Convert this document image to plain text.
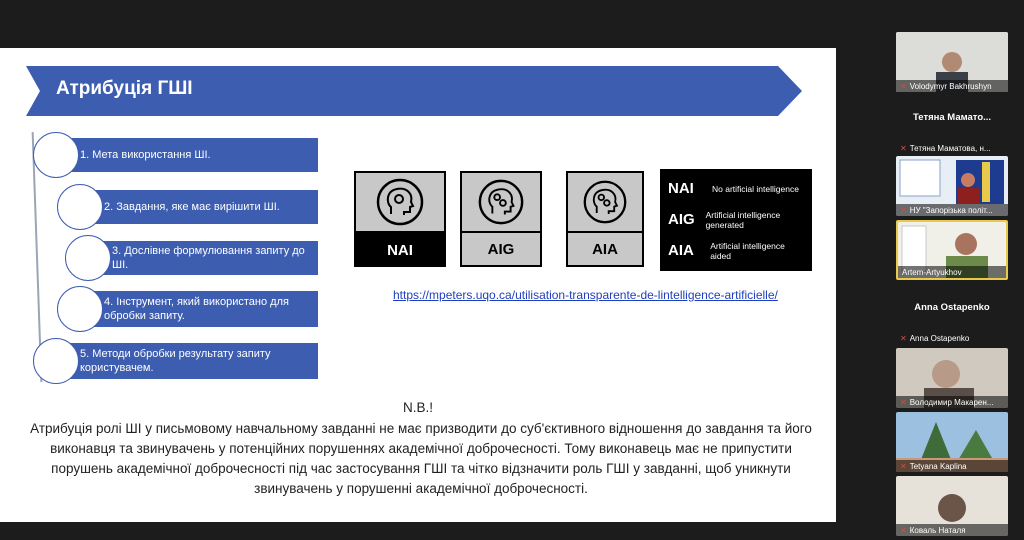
Атрибуція ГШІ
1. Мета використання ШІ.
2. Завдання, яке має вирішити ШІ.
3. Дослівне формулювання запиту до ШІ.
4. Інструмент, який використано для обробки запиту.
5. Методи обробки результату запиту користувачем.
NAI	AIG	AIA
NAI	No artificial intelligence
AIG	Artificial intelligence generated
AIA	Artificial intelligence aided
https://mpeters.uqo.ca/utilisation-transparente-de-lintelligence-artificielle/
N.B.!
Атрибуція ролі ШІ у письмовому навчальному завданні не має призводити до суб'єктивного відношення до завдання та його виконавця та звинувачень у потенційних порушеннях академічної доброчесності. Тому виконавець має не припустити порушень академічної доброчесності під час застосування ГШІ та чітко відзначити роль ГШІ у завданні, щоб уникнути звинувачень у порушенні академічної доброчесності.
✕ Volodymyr Bakhrushyn
Тетяна Мамато...
✕ Тетяна Маматова, н...
✕ НУ "Запорізька політ...
Artem-Artyukhov
Anna Ostapenko
✕ Anna Ostapenko
✕ Володимир Макарен...
✕ Tetyana Kaplina
✕ Коваль Наталя
